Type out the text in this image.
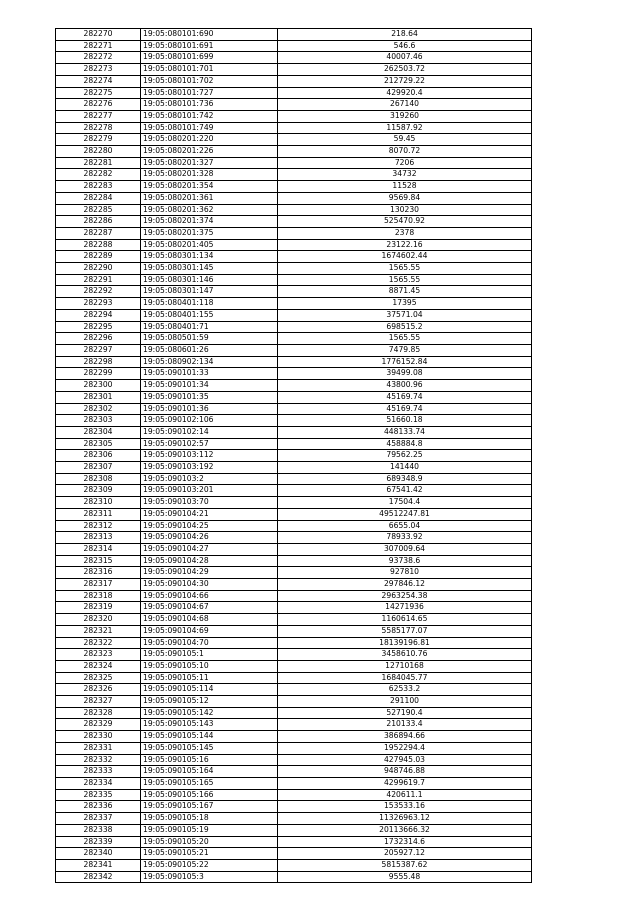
282270	19:05:080101:690	218.64
282271	19:05:080101:691	546.6
282272	19:05:080101:699	40007.46
282273	19:05:080101:701	262503.72
282274	19:05:080101:702	212729.22
282275	19:05:080101:727	429920.4
282276	19:05:080101:736	267140
282277	19:05:080101:742	319260
282278	19:05:080101:749	11587.92
282279	19:05:080201:220	59.45
282280	19:05:080201:226	8070.72
282281	19:05:080201:327	7206
282282	19:05:080201:328	34732
282283	19:05:080201:354	11528
282284	19:05:080201:361	9569.84
282285	19:05:080201:362	130230
282286	19:05:080201:374	525470.92
282287	19:05:080201:375	2378
282288	19:05:080201:405	23122.16
282289	19:05:080301:134	1674602.44
282290	19:05:080301:145	1565.55
282291	19:05:080301:146	1565.55
282292	19:05:080301:147	8871.45
282293	19:05:080401:118	17395
282294	19:05:080401:155	37571.04
282295	19:05:080401:71	698515.2
282296	19:05:080501:59	1565.55
282297	19:05:080601:26	7479.85
282298	19:05:080902:134	1776152.84
282299	19:05:090101:33	39499.08
282300	19:05:090101:34	43800.96
282301	19:05:090101:35	45169.74
282302	19:05:090101:36	45169.74
282303	19:05:090102:106	51660.18
282304	19:05:090102:14	448133.74
282305	19:05:090102:57	458884.8
282306	19:05:090103:112	79562.25
282307	19:05:090103:192	141440
282308	19:05:090103:2	689348.9
282309	19:05:090103:201	67541.42
282310	19:05:090103:70	17504.4
282311	19:05:090104:21	49512247.81
282312	19:05:090104:25	6655.04
282313	19:05:090104:26	78933.92
282314	19:05:090104:27	307009.64
282315	19:05:090104:28	93738.6
282316	19:05:090104:29	927810
282317	19:05:090104:30	297846.12
282318	19:05:090104:66	2963254.38
282319	19:05:090104:67	14271936
282320	19:05:090104:68	1160614.65
282321	19:05:090104:69	5585177.07
282322	19:05:090104:70	18139196.81
282323	19:05:090105:1	3458610.76
282324	19:05:090105:10	12710168
282325	19:05:090105:11	1684045.77
282326	19:05:090105:114	62533.2
282327	19:05:090105:12	291100
282328	19:05:090105:142	527190.4
282329	19:05:090105:143	210133.4
282330	19:05:090105:144	386894.66
282331	19:05:090105:145	1952294.4
282332	19:05:090105:16	427945.03
282333	19:05:090105:164	948746.88
282334	19:05:090105:165	4299619.7
282335	19:05:090105:166	420611.1
282336	19:05:090105:167	153533.16
282337	19:05:090105:18	11326963.12
282338	19:05:090105:19	20113666.32
282339	19:05:090105:20	1732314.6
282340	19:05:090105:21	205927.12
282341	19:05:090105:22	5815387.62
282342	19:05:090105:3	9555.48
